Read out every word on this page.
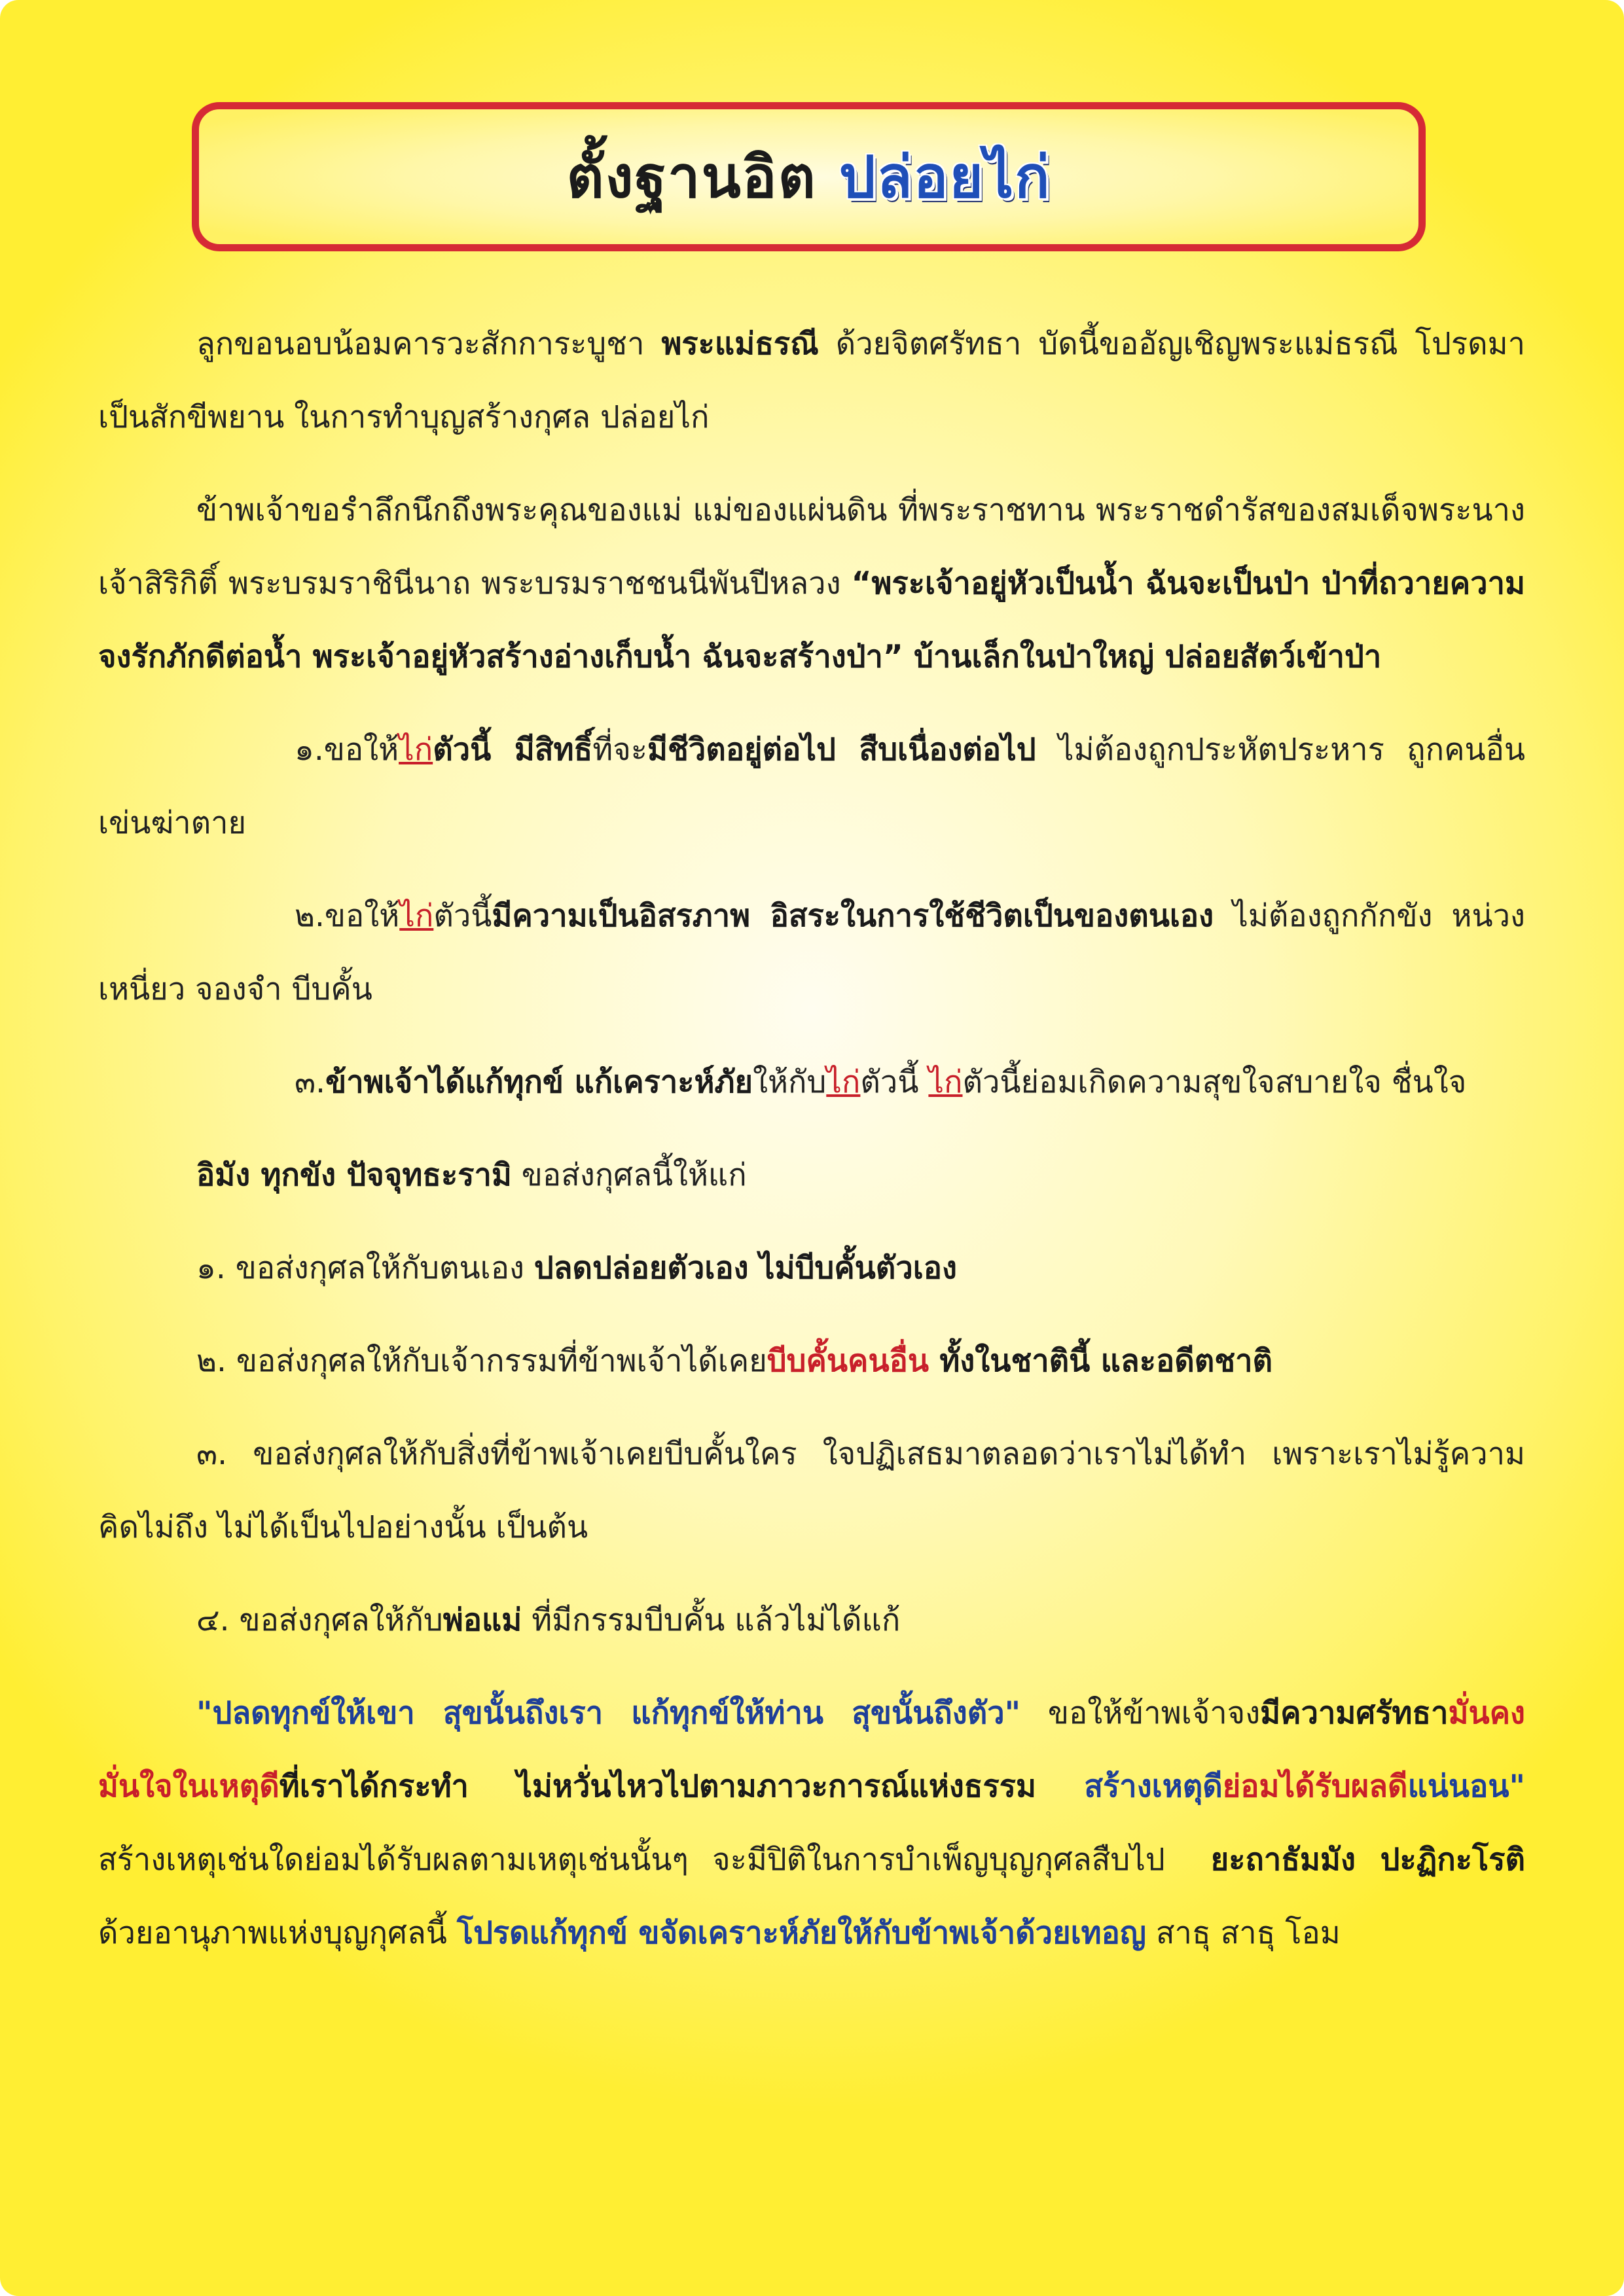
ตั้งฐานอิต ปล่อยไก่

ลูกขอนอบน้อมคารวะสักการะบูชา พระแม่ธรณี ด้วยจิตศรัทธา บัดนี้ขออัญเชิญพระแม่ธรณี โปรดมาเป็นสักขีพยาน ในการทำบุญสร้างกุศล ปล่อยไก่

ข้าพเจ้าขอรำลึกนึกถึงพระคุณของแม่ แม่ของแผ่นดิน ที่พระราชทาน พระราชดำรัสของสมเด็จพระนางเจ้าสิริกิติ์ พระบรมราชินีนาถ พระบรมราชชนนีพันปีหลวง “พระเจ้าอยู่หัวเป็นน้ำ ฉันจะเป็นป่า ป่าที่ถวายความจงรักภักดีต่อน้ำ พระเจ้าอยู่หัวสร้างอ่างเก็บน้ำ ฉันจะสร้างป่า” บ้านเล็กในป่าใหญ่ ปล่อยสัตว์เข้าป่า

๑.ขอให้ไก่ตัวนี้ มีสิทธิ์ที่จะมีชีวิตอยู่ต่อไป สืบเนื่องต่อไป ไม่ต้องถูกประหัตประหาร ถูกคนอื่นเข่นฆ่าตาย

๒.ขอให้ไก่ตัวนี้มีความเป็นอิสรภาพ อิสระในการใช้ชีวิตเป็นของตนเอง ไม่ต้องถูกกักขัง หน่วงเหนี่ยว จองจำ บีบคั้น

๓.ข้าพเจ้าได้แก้ทุกข์ แก้เคราะห์ภัยให้กับไก่ตัวนี้ ไก่ตัวนี้ย่อมเกิดความสุขใจสบายใจ ชื่นใจ

อิมัง ทุกขัง ปัจจุทธะรามิ ขอส่งกุศลนี้ให้แก่

๑. ขอส่งกุศลให้กับตนเอง ปลดปล่อยตัวเอง ไม่บีบคั้นตัวเอง

๒. ขอส่งกุศลให้กับเจ้ากรรมที่ข้าพเจ้าได้เคยบีบคั้นคนอื่น ทั้งในชาตินี้ และอดีตชาติ

๓. ขอส่งกุศลให้กับสิ่งที่ข้าพเจ้าเคยบีบคั้นใคร ใจปฏิเสธมาตลอดว่าเราไม่ได้ทำ เพราะเราไม่รู้ความ คิดไม่ถึง ไม่ได้เป็นไปอย่างนั้น เป็นต้น

๔. ขอส่งกุศลให้กับพ่อแม่ ที่มีกรรมบีบคั้น แล้วไม่ได้แก้

"ปลดทุกข์ให้เขา สุขนั้นถึงเรา แก้ทุกข์ให้ท่าน สุขนั้นถึงตัว" ขอให้ข้าพเจ้าจงมีความศรัทธามั่นคง มั่นใจในเหตุดีที่เราได้กระทำ ไม่หวั่นไหวไปตามภาวะการณ์แห่งธรรม สร้างเหตุดีย่อมได้รับผลดีแน่นอน" สร้างเหตุเช่นใดย่อมได้รับผลตามเหตุเช่นนั้นๆ จะมีปิติในการบำเพ็ญบุญกุศลสืบไป ยะถาธัมมัง ปะฏิกะโรติ ด้วยอานุภาพแห่งบุญกุศลนี้ โปรดแก้ทุกข์ ขจัดเคราะห์ภัยให้กับข้าพเจ้าด้วยเทอญ สาธุ สาธุ โอม
